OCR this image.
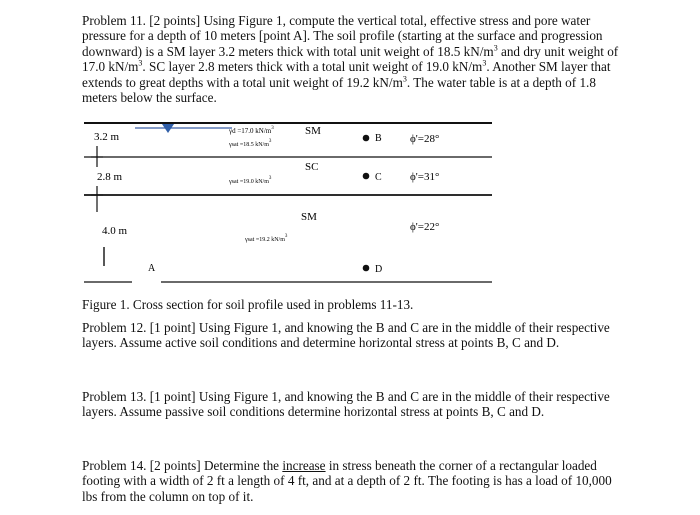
Problem 11. [2 points] Using Figure 1, compute the vertical total, effective stress and pore water pressure for a depth of 10 meters [point A]. The soil profile (starting at the surface and progression downward) is a SM layer 3.2 meters thick with total unit weight of 18.5 $kN/m^3$ and dry unit weight of 17.0 $kN/m^3$. SC layer 2.8 meters thick with a total unit weight of 19.0 $kN/m^3$. Another SM layer that extends to great depths with a total unit weight of 19.2 $kN/m^3$. The water table is at a depth of 1.8 meters below the surface.

3.2 m
2.8 m
4.0 m
γd =17.0 $kN/m^3$
γsat =18.5 $kN/m^3$
SM
B	ϕ'=28°
SC
γsat =19.0 $kN/m^3$	C	ϕ'=31°
SM
γsat =19.2 $kN/m^3$
ϕ'=22°
D
A

Figure 1. Cross section for soil profile used in problems 11-13.

Problem 12. [1 point] Using Figure 1, and knowing the B and C are in the middle of their respective layers. Assume active soil conditions and determine horizontal stress at points B, C and D.

Problem 13. [1 point] Using Figure 1, and knowing the B and C are in the middle of their respective layers. Assume passive soil conditions determine horizontal stress at points B, C and D.

Problem 14. [2 points] Determine the increase in stress beneath the corner of a rectangular loaded footing with a width of 2 ft a length of 4 ft, and at a depth of 2 ft. The footing is has a load of 10,000 lbs from the column on top of it.
